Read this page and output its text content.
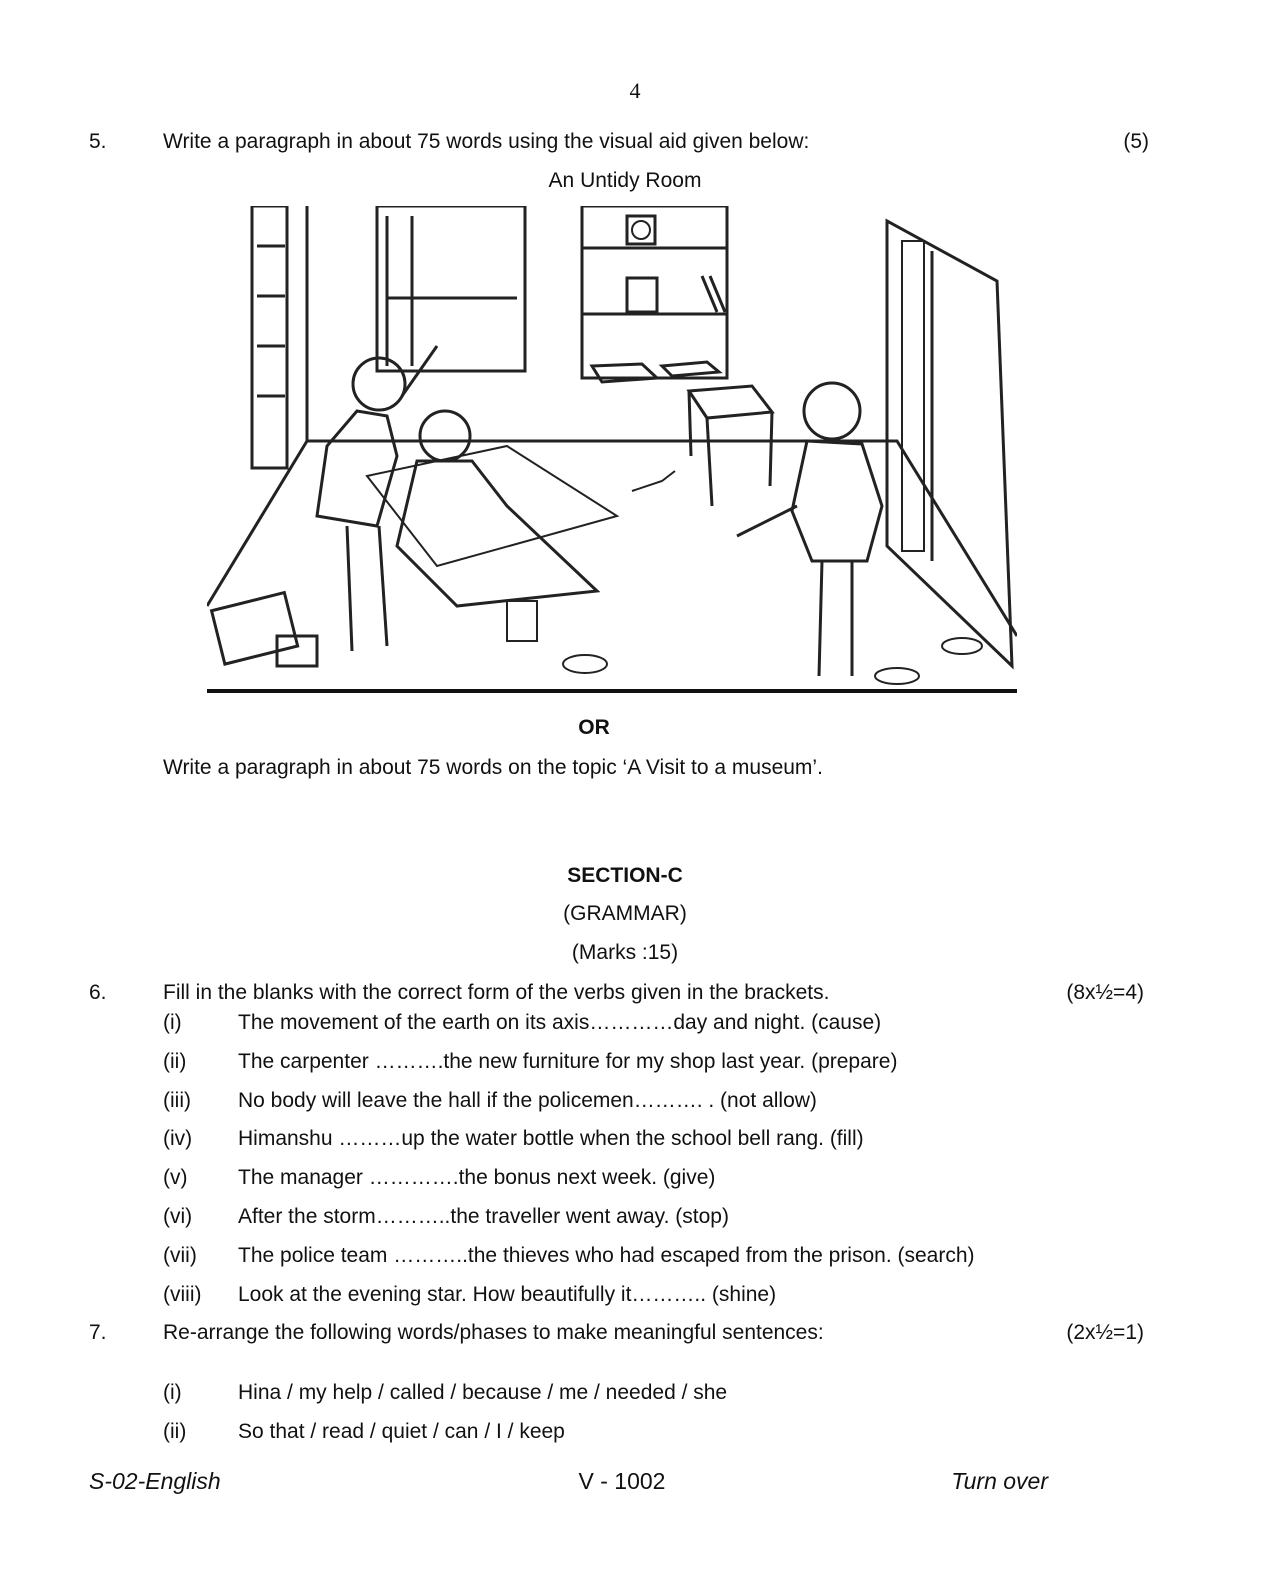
4
5.	Write a paragraph in about 75 words using the visual aid given below:	(5)
An Untidy Room
OR
Write a paragraph in about 75 words on the topic ‘A Visit to a museum’.
SECTION-C
(GRAMMAR)
(Marks :15)
6.	Fill in the blanks with the correct form of the verbs given in the brackets.	(8x½=4)
(i)	The movement of the earth on its axis…………day and night. (cause)
(ii) The carpenter ……….the new furniture for my shop last year. (prepare)
(iii) No body will leave the hall if the policemen………. . (not allow)
(iv) Himanshu ………up the water bottle when the school bell rang. (fill)
(v) The manager ………….the bonus next week. (give)
(vi) After the storm………..the traveller went away. (stop)
(vii) The police team ………..the thieves who had escaped from the prison. (search)
(viii) Look at the evening star. How beautifully it……….. (shine)
7.	Re-arrange the following words/phases to make meaningful sentences:	(2x½=1)
(i)	Hina / my help / called / because / me / needed / she
(ii) So that / read / quiet / can / I / keep
S-02-English	V - 1002	Turn over
